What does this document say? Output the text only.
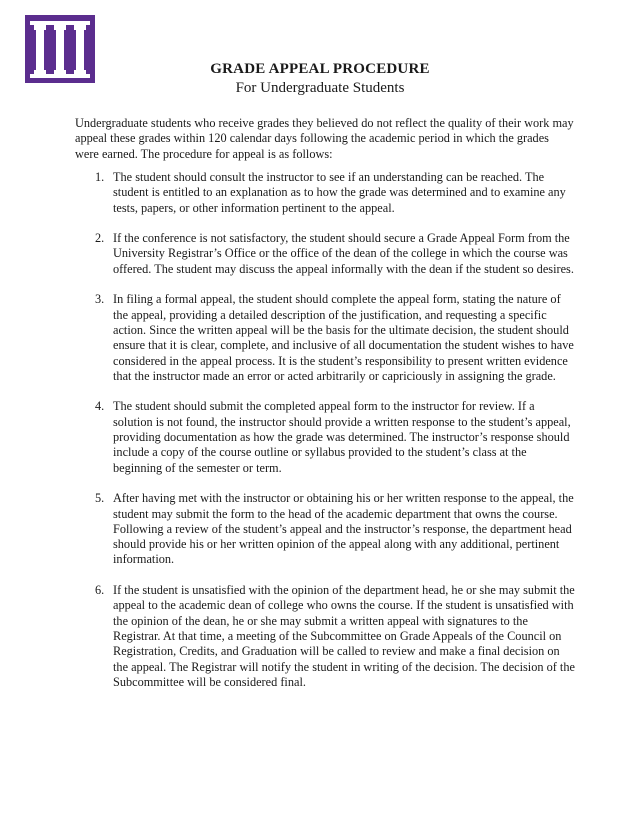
GRADE APPEAL PROCEDURE
For Undergraduate Students

Undergraduate students who receive grades they believed do not reflect the quality of their work may appeal these grades within 120 calendar days following the academic period in which the grades were earned. The procedure for appeal is as follows:

1. The student should consult the instructor to see if an understanding can be reached. The student is entitled to an explanation as to how the grade was determined and to examine any tests, papers, or other information pertinent to the appeal.
2. If the conference is not satisfactory, the student should secure a Grade Appeal Form from the University Registrar’s Office or the office of the dean of the college in which the course was offered. The student may discuss the appeal informally with the dean if the student so desires.
3. In filing a formal appeal, the student should complete the appeal form, stating the nature of the appeal, providing a detailed description of the justification, and requesting a specific action. Since the written appeal will be the basis for the ultimate decision, the student should ensure that it is clear, complete, and inclusive of all documentation the student wishes to have considered in the appeal process. It is the student’s responsibility to present written evidence that the instructor made an error or acted arbitrarily or capriciously in assigning the grade.
4. The student should submit the completed appeal form to the instructor for review. If a solution is not found, the instructor should provide a written response to the student’s appeal, providing documentation as how the grade was determined. The instructor’s response should include a copy of the course outline or syllabus provided to the student’s class at the beginning of the semester or term.
5. After having met with the instructor or obtaining his or her written response to the appeal, the student may submit the form to the head of the academic department that owns the course. Following a review of the student’s appeal and the instructor’s response, the department head should provide his or her written opinion of the appeal along with any additional, pertinent information.
6. If the student is unsatisfied with the opinion of the department head, he or she may submit the appeal to the academic dean of college who owns the course. If the student is unsatisfied with the opinion of the dean, he or she may submit a written appeal with signatures to the Registrar. At that time, a meeting of the Subcommittee on Grade Appeals of the Council on Registration, Credits, and Graduation will be called to review and make a final decision on the appeal. The Registrar will notify the student in writing of the decision. The decision of the Subcommittee will be considered final.
